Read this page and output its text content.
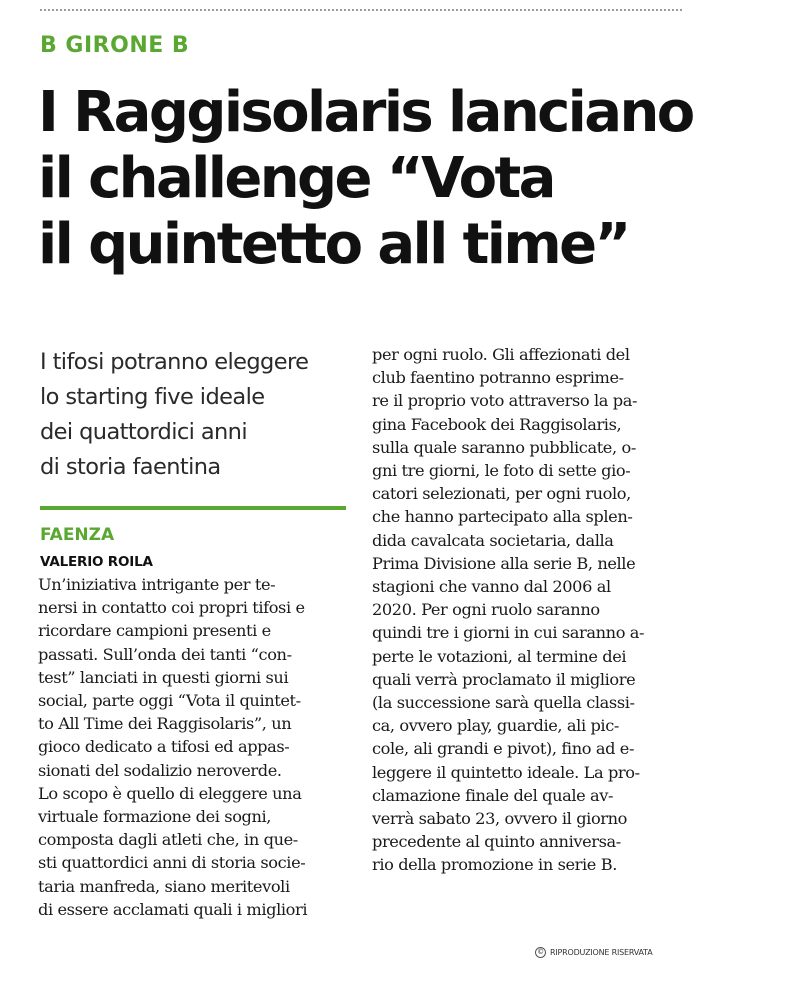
B GIRONE B
I Raggisolaris lanciano
il challenge “Vota
il quintetto all time”
I tifosi potranno eleggere
lo starting five ideale
dei quattordici anni
di storia faentina
FAENZA
VALERIO ROILA
Un’iniziativa intrigante per te-
nersi in contatto coi propri tifosi e
ricordare campioni presenti e
passati. Sull’onda dei tanti “con-
test” lanciati in questi giorni sui
social, parte oggi “Vota il quintet-
to All Time dei Raggisolaris”, un
gioco dedicato a tifosi ed appas-
sionati del sodalizio neroverde.
Lo scopo è quello di eleggere una
virtuale formazione dei sogni,
composta dagli atleti che, in que-
sti quattordici anni di storia socie-
taria manfreda, siano meritevoli
di essere acclamati quali i migliori
per ogni ruolo. Gli affezionati del
club faentino potranno esprime-
re il proprio voto attraverso la pa-
gina Facebook dei Raggisolaris,
sulla quale saranno pubblicate, o-
gni tre giorni, le foto di sette gio-
catori selezionati, per ogni ruolo,
che hanno partecipato alla splen-
dida cavalcata societaria, dalla
Prima Divisione alla serie B, nelle
stagioni che vanno dal 2006 al
2020. Per ogni ruolo saranno
quindi tre i giorni in cui saranno a-
perte le votazioni, al termine dei
quali verrà proclamato il migliore
(la successione sarà quella classi-
ca, ovvero play, guardie, ali pic-
cole, ali grandi e pivot), fino ad e-
leggere il quintetto ideale. La pro-
clamazione finale del quale av-
verrà sabato 23, ovvero il giorno
precedente al quinto anniversa-
rio della promozione in serie B.
© RIPRODUZIONE RISERVATA
